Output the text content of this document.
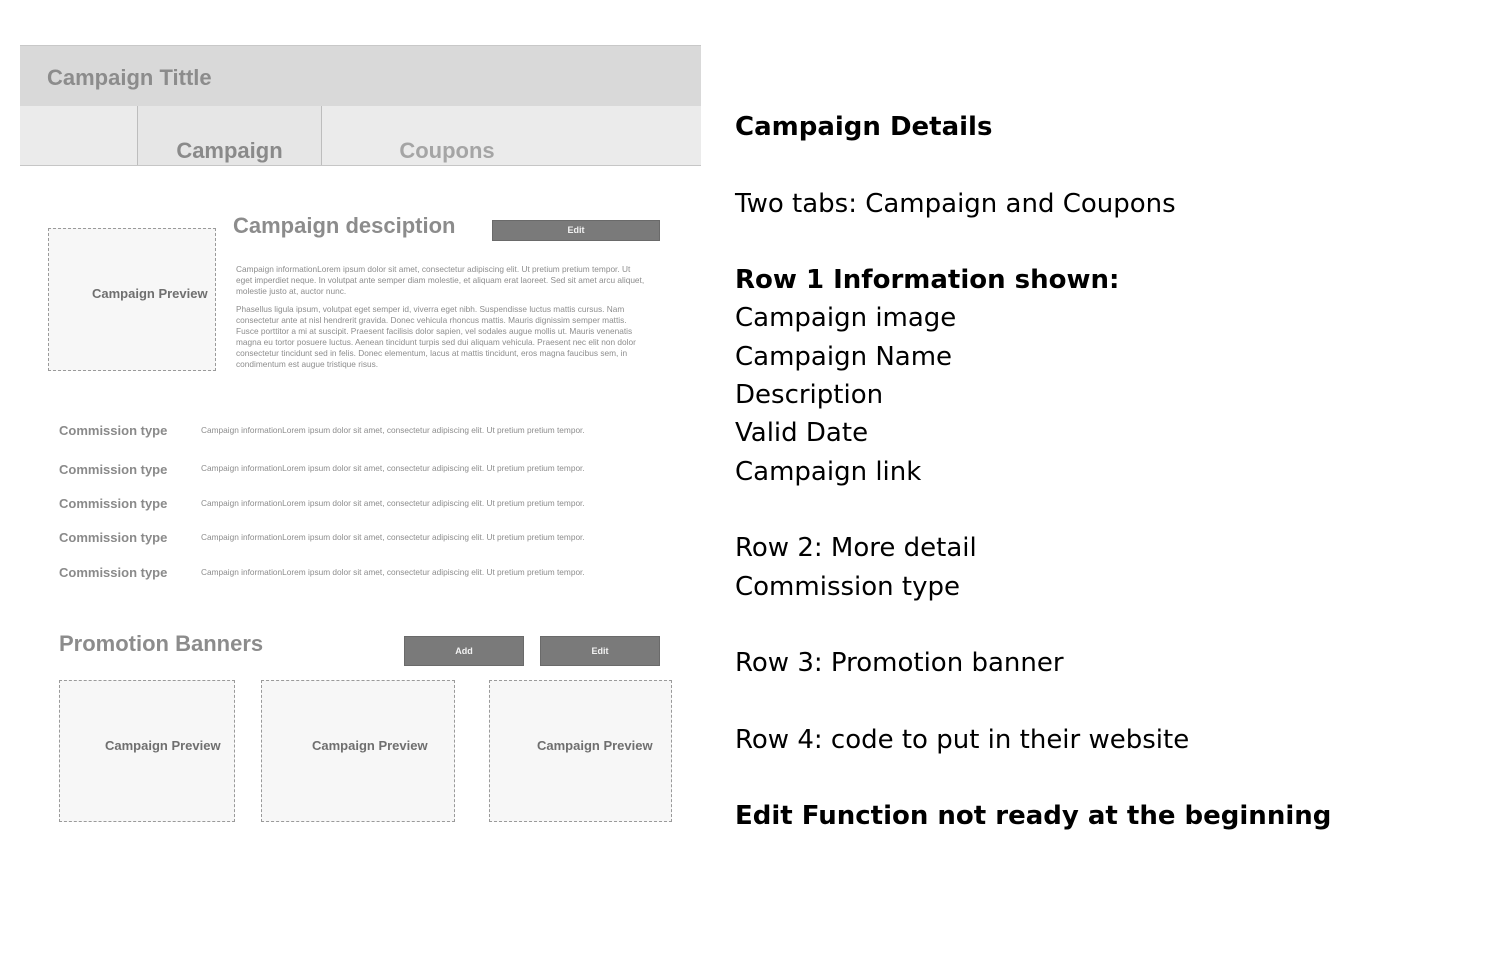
Campaign Tittle
Campaign	Coupons
Campaign Preview
Campaign desciption	Edit
Campaign informationLorem ipsum dolor sit amet, consectetur adipiscing elit. Ut pretium pretium tempor. Ut eget imperdiet neque. In volutpat ante semper diam molestie, et aliquam erat laoreet. Sed sit amet arcu aliquet, molestie justo at, auctor nunc.
Phasellus ligula ipsum, volutpat eget semper id, viverra eget nibh. Suspendisse luctus mattis cursus. Nam consectetur ante at nisl hendrerit gravida. Donec vehicula rhoncus mattis. Mauris dignissim semper mattis. Fusce porttitor a mi at suscipit. Praesent facilisis dolor sapien, vel sodales augue mollis ut. Mauris venenatis magna eu tortor posuere luctus. Aenean tincidunt turpis sed dui aliquam vehicula. Praesent nec elit non dolor consectetur tincidunt sed in felis. Donec elementum, lacus at mattis tincidunt, eros magna faucibus sem, in condimentum est augue tristique risus.
Commission type	Campaign informationLorem ipsum dolor sit amet, consectetur adipiscing elit. Ut pretium pretium tempor.
Commission type	Campaign informationLorem ipsum dolor sit amet, consectetur adipiscing elit. Ut pretium pretium tempor.
Commission type	Campaign informationLorem ipsum dolor sit amet, consectetur adipiscing elit. Ut pretium pretium tempor.
Commission type	Campaign informationLorem ipsum dolor sit amet, consectetur adipiscing elit. Ut pretium pretium tempor.
Commission type	Campaign informationLorem ipsum dolor sit amet, consectetur adipiscing elit. Ut pretium pretium tempor.
Promotion Banners	Add	Edit
Campaign Preview	Campaign Preview	Campaign Preview
Campaign Details
Two tabs: Campaign and Coupons
Row 1 Information shown:
Campaign image
Campaign Name
Description
Valid Date
Campaign link
Row 2: More detail
Commission type
Row 3: Promotion banner
Row 4: code to put in their website
Edit Function not ready at the beginning
